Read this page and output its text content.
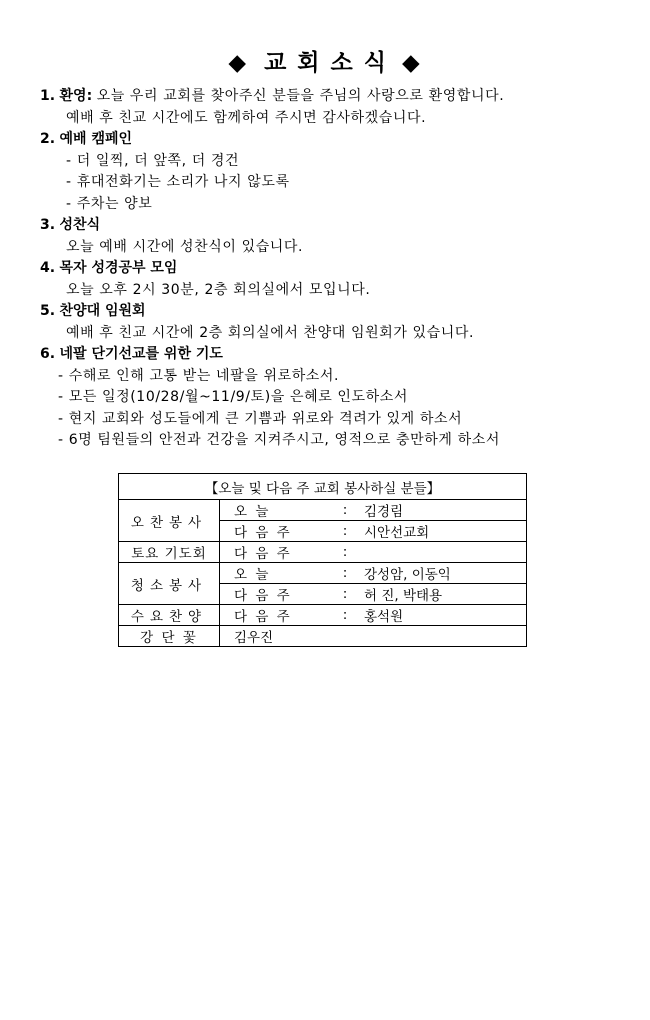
◆ 교회소식 ◆
1. 환영: 오늘 우리 교회를 찾아주신 분들을 주님의 사랑으로 환영합니다.
예배 후 친교 시간에도 함께하여 주시면 감사하겠습니다.
2. 예배 캠페인
- 더 일찍, 더 앞쪽, 더 경건
- 휴대전화기는 소리가 나지 않도록
- 주차는 양보
3. 성찬식
오늘 예배 시간에 성찬식이 있습니다.
4. 목자 성경공부 모임
오늘 오후 2시 30분, 2층 회의실에서 모입니다.
5. 찬양대 임원회
예배 후 친교 시간에 2층 회의실에서 찬양대 임원회가 있습니다.
6. 네팔 단기선교를 위한 기도
- 수해로 인해 고통 받는 네팔을 위로하소서.
- 모든 일정(10/28/월~11/9/토)을 은혜로 인도하소서
- 현지 교회와 성도들에게 큰 기쁨과 위로와 격려가 있게 하소서
- 6명 팀원들의 안전과 건강을 지켜주시고, 영적으로 충만하게 하소서
【오늘 및 다음 주 교회 봉사하실 분들】			
오찬봉사	오 늘	:	김경림
	다 음 주	:	시안선교회
토요 기도회	다 음 주	:	
청소봉사	오 늘	:	강성암, 이동익
	다 음 주	:	허 진, 박태용
수요찬양	다 음 주	:	홍석원
강 단 꽃	김우진		
